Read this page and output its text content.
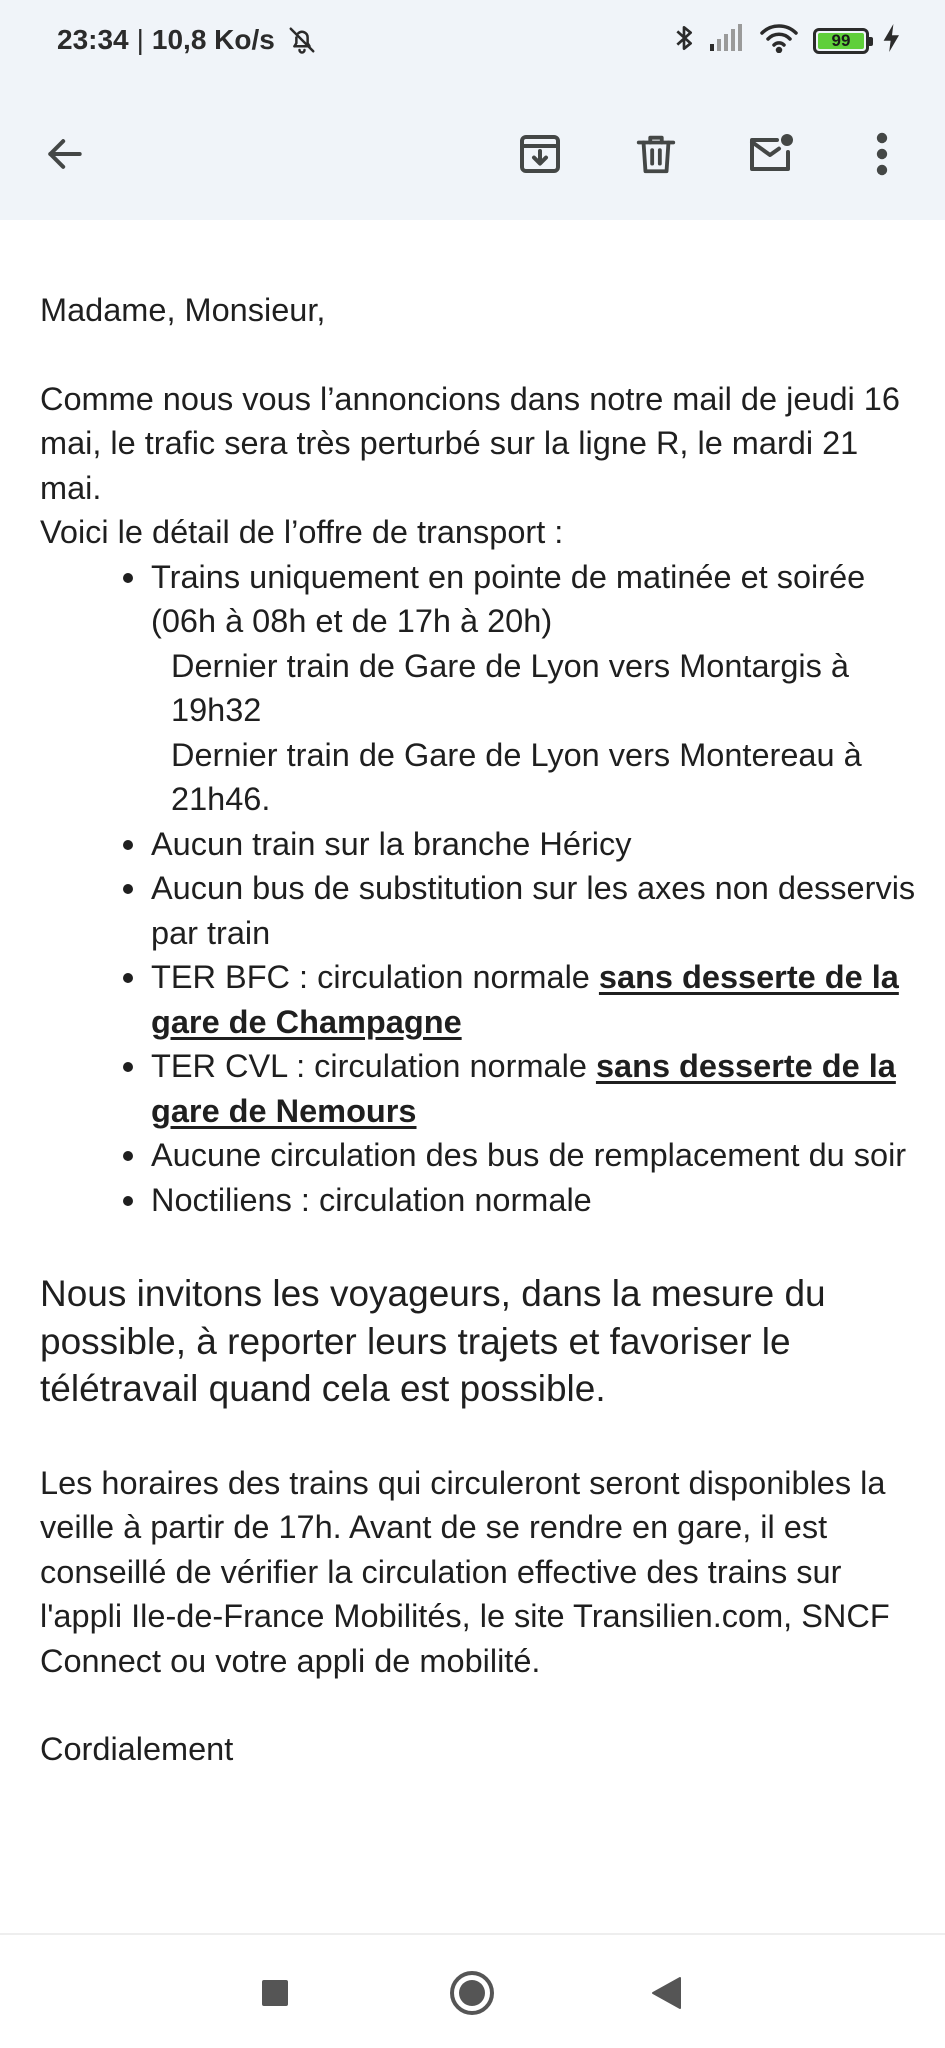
23:34 | 10,8 Ko/s	99

Madame, Monsieur,

Comme nous vous l’annoncions dans notre mail de jeudi 16 mai, le trafic sera très perturbé sur la ligne R, le mardi 21 mai.

Voici le détail de l’offre de transport :

Trains uniquement en pointe de matinée et soirée (06h à 08h et de 17h à 20h)
Dernier train de Gare de Lyon vers Montargis à 19h32
Dernier train de Gare de Lyon vers Montereau à 21h46.
Aucun train sur la branche Héricy
Aucun bus de substitution sur les axes non desservis par train
TER BFC : circulation normale sans desserte de la gare de Champagne
TER CVL : circulation normale sans desserte de la gare de Nemours
Aucune circulation des bus de remplacement du soir
Noctiliens : circulation normale

Nous invitons les voyageurs, dans la mesure du possible, à reporter leurs trajets et favoriser le télétravail quand cela est possible.

Les horaires des trains qui circuleront seront disponibles la veille à partir de 17h. Avant de se rendre en gare, il est conseillé de vérifier la circulation effective des trains sur l'appli Ile-de-France Mobilités, le site Transilien.com, SNCF Connect ou votre appli de mobilité.

Cordialement
